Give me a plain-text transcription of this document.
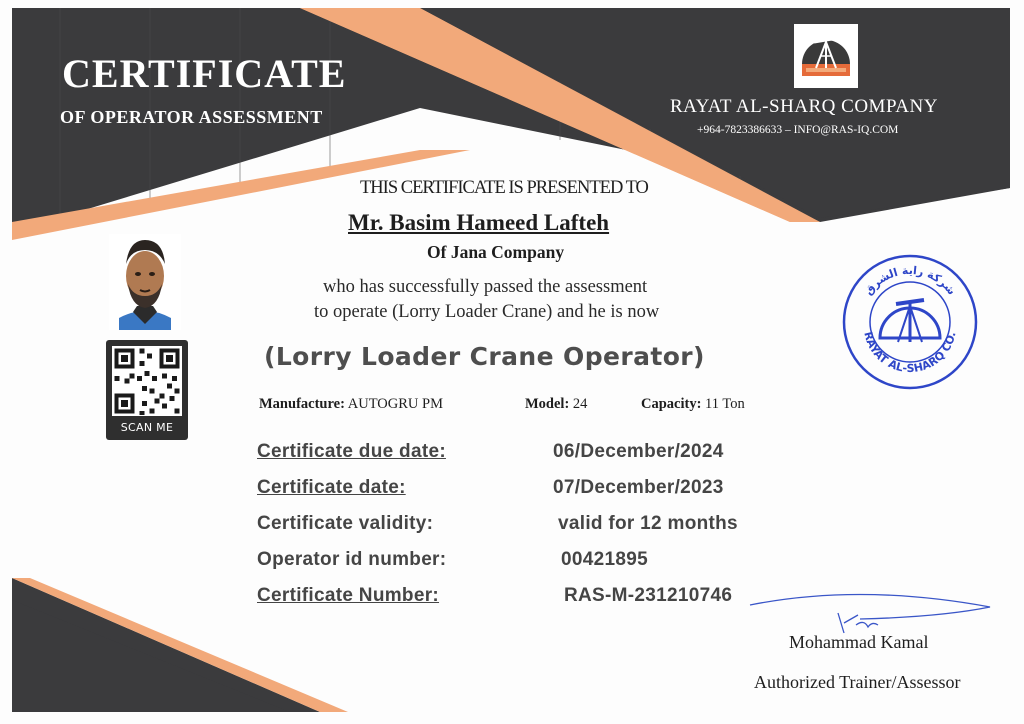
CERTIFICATE
OF OPERATOR ASSESSMENT	RAYAT AL-SHARQ COMPANY
+964-7823386633 – INFO@RAS-IQ.COM
THIS CERTIFICATE IS PRESENTED TO
Mr. Basim Hameed Lafteh
Of Jana Company
who has successfully passed the assessment
to operate (Lorry Loader Crane) and he is now
(Lorry Loader Crane Operator)
Manufacture: AUTOGRU PM	Model: 24	Capacity: 11 Ton
Certificate due date:	06/December/2024
Certificate date:	07/December/2023
Certificate validity:	valid for 12 months
Operator id number:	00421895
Certificate Number:	RAS-M-231210746
SCAN ME
شركة راية الشرق
RAYAT AL-SHARQ CO.
Mohammad Kamal
Authorized Trainer/Assessor
